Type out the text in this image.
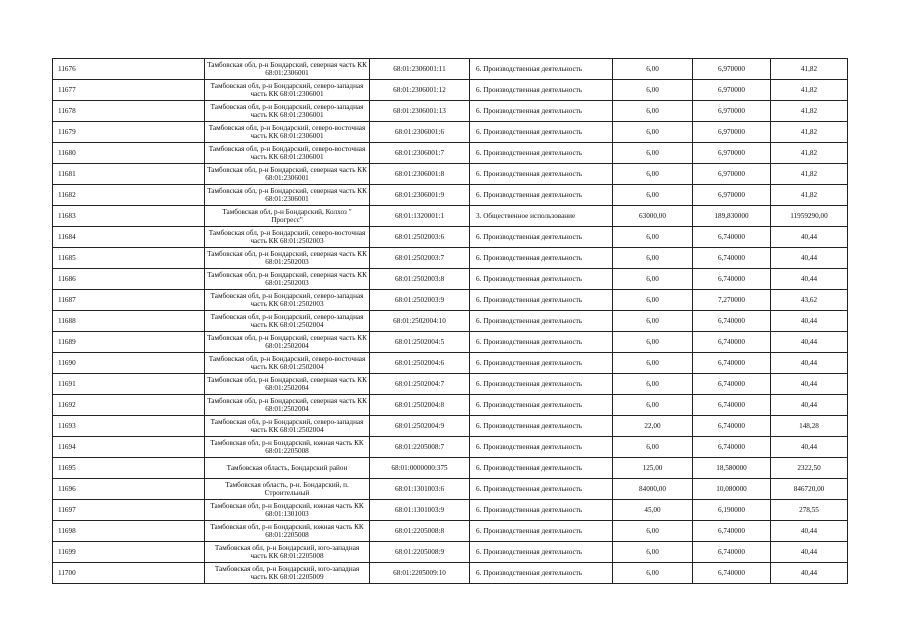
11676	Тамбовская обл, р-н Бондарский, северная часть КК 68:01:2306001	68:01:2306001:11	6. Производственная деятельность	6,00	6,970000	41,82
11677	Тамбовская обл, р-н Бондарский, северо-западная часть КК 68:01:2306001	68:01:2306001:12	6. Производственная деятельность	6,00	6,970000	41,82
11678	Тамбовская обл, р-н Бондарский, северо-западная часть КК 68:01:2306001	68:01:2306001:13	6. Производственная деятельность	6,00	6,970000	41,82
11679	Тамбовская обл, р-н Бондарский, северо-восточная часть КК 68:01:2306001	68:01:2306001:6	6. Производственная деятельность	6,00	6,970000	41,82
11680	Тамбовская обл, р-н Бондарский, северо-восточная часть КК 68:01:2306001	68:01:2306001:7	6. Производственная деятельность	6,00	6,970000	41,82
11681	Тамбовская обл, р-н Бондарский, северная часть КК 68:01:2306001	68:01:2306001:8	6. Производственная деятельность	6,00	6,970000	41,82
11682	Тамбовская обл, р-н Бондарский, северная часть КК 68:01:2306001	68:01:2306001:9	6. Производственная деятельность	6,00	6,970000	41,82
11683	Тамбовская обл, р-н Бондарский, Колхоз " Прогресс"	68:01:1320001:1	3. Общественное использование	63000,00	189,830000	11959290,00
11684	Тамбовская обл, р-н Бондарский, северо-восточная часть КК 68:01:2502003	68:01:2502003:6	6. Производственная деятельность	6,00	6,740000	40,44
11685	Тамбовская обл, р-н Бондарский, северная часть КК 68:01:2502003	68:01:2502003:7	6. Производственная деятельность	6,00	6,740000	40,44
11686	Тамбовская обл, р-н Бондарский, северная часть КК 68:01:2502003	68:01:2502003:8	6. Производственная деятельность	6,00	6,740000	40,44
11687	Тамбовская обл, р-н Бондарский, северо-западная часть КК 68:01:2502003	68:01:2502003:9	6. Производственная деятельность	6,00	7,270000	43,62
11688	Тамбовская обл, р-н Бондарский, северо-западная часть КК 68:01:2502004	68:01:2502004:10	6. Производственная деятельность	6,00	6,740000	40,44
11689	Тамбовская обл, р-н Бондарский, северная часть КК 68:01:2502004	68:01:2502004:5	6. Производственная деятельность	6,00	6,740000	40,44
11690	Тамбовская обл, р-н Бондарский, северо-восточная часть КК 68:01:2502004	68:01:2502004:6	6. Производственная деятельность	6,00	6,740000	40,44
11691	Тамбовская обл, р-н Бондарский, северная часть КК 68:01:2502004	68:01:2502004:7	6. Производственная деятельность	6,00	6,740000	40,44
11692	Тамбовская обл, р-н Бондарский, северная часть КК 68:01:2502004	68:01:2502004:8	6. Производственная деятельность	6,00	6,740000	40,44
11693	Тамбовская обл, р-н Бондарский, северо-западная часть КК 68:01:2502004	68:01:2502004:9	6. Производственная деятельность	22,00	6,740000	148,28
11694	Тамбовская обл, р-н Бондарский, южная часть КК 68:01:2205008	68:01:2205008:7	6. Производственная деятельность	6,00	6,740000	40,44
11695	Тамбовская область, Бондарский район	68:01:0000000:375	6. Производственная деятельность	125,00	18,580000	2322,50
11696	Тамбовская область, р-н. Бондарский, п. Строительный	68:01:1301003:6	6. Производственная деятельность	84000,00	10,080000	846720,00
11697	Тамбовская обл, р-н Бондарский, южная часть КК 68:01:1301003	68:01:1301003:9	6. Производственная деятельность	45,00	6,190000	278,55
11698	Тамбовская обл, р-н Бондарский, южная часть КК 68:01:2205008	68:01:2205008:8	6. Производственная деятельность	6,00	6,740000	40,44
11699	Тамбовская обл, р-н Бондарский, юго-западная часть КК 68:01:2205008	68:01:2205008:9	6. Производственная деятельность	6,00	6,740000	40,44
11700	Тамбовская обл, р-н Бондарский, юго-западная часть КК 68:01:2205009	68:01:2205009:10	6. Производственная деятельность	6,00	6,740000	40,44
